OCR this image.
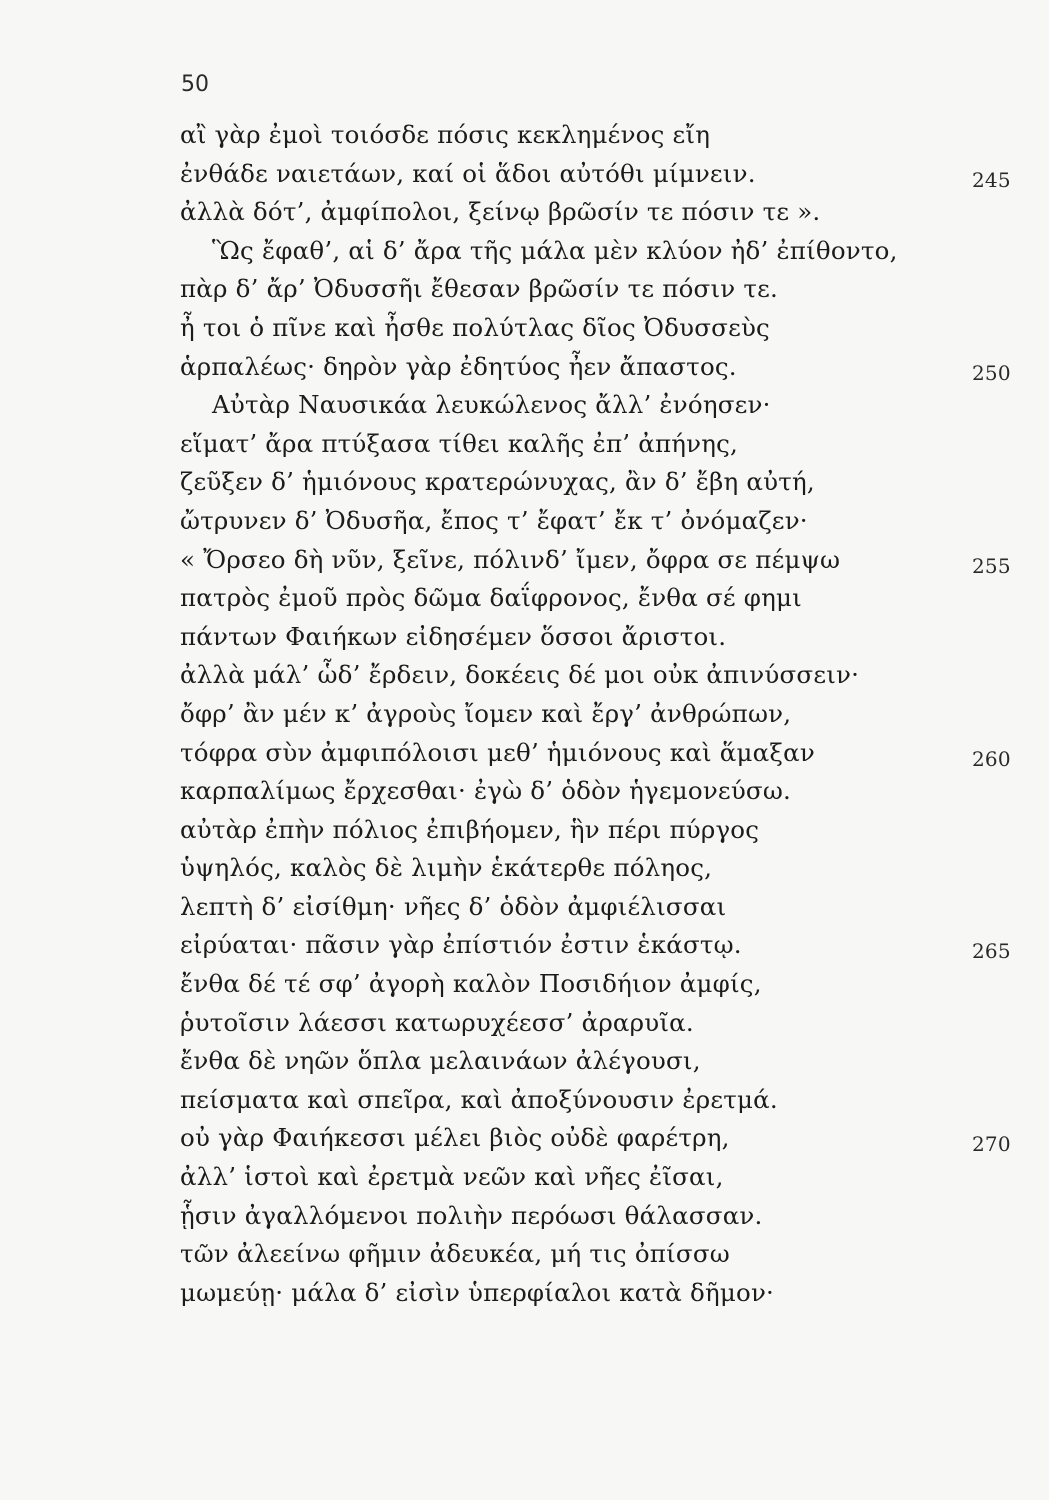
50
αἲ γὰρ ἐμοὶ τοιόσδε πόσις κεκλημένος εἴη
ἐνθάδε ναιετάων, καί οἱ ἅδοι αὐτόθι μίμνειν.	245
ἀλλὰ δότ’, ἀμφίπολοι, ξείνῳ βρῶσίν τε πόσιν τε ».
Ὣς ἔφαθ’, αἱ δ’ ἄρα τῆς μάλα μὲν κλύον ἠδ’ ἐπίθοντο,
πὰρ δ’ ἄρ’ Ὀδυσσῆι ἔθεσαν βρῶσίν τε πόσιν τε.
ἦ τοι ὁ πῖνε καὶ ἦσθε πολύτλας δῖος Ὀδυσσεὺς
ἁρπαλέως· δηρὸν γὰρ ἐδητύος ἦεν ἄπαστος.	250
Αὐτὰρ Ναυσικάα λευκώλενος ἄλλ’ ἐνόησεν·
εἵματ’ ἄρα πτύξασα τίθει καλῆς ἐπ’ ἀπήνης,
ζεῦξεν δ’ ἡμιόνους κρατερώνυχας, ἂν δ’ ἔβη αὐτή,
ὤτρυνεν δ’ Ὀδυσῆα, ἔπος τ’ ἔφατ’ ἔκ τ’ ὀνόμαζεν·
« Ὄρσεο δὴ νῦν, ξεῖνε, πόλινδ’ ἴμεν, ὄφρα σε πέμψω	255
πατρὸς ἐμοῦ πρὸς δῶμα δαΐφρονος, ἔνθα σέ φημι
πάντων Φαιήκων εἰδησέμεν ὅσσοι ἄριστοι.
ἀλλὰ μάλ’ ὧδ’ ἔρδειν, δοκέεις δέ μοι οὐκ ἀπινύσσειν·
ὄφρ’ ἂν μέν κ’ ἀγροὺς ἴομεν καὶ ἔργ’ ἀνθρώπων,
τόφρα σὺν ἀμφιπόλοισι μεθ’ ἡμιόνους καὶ ἅμαξαν	260
καρπαλίμως ἔρχεσθαι· ἐγὼ δ’ ὁδὸν ἡγεμονεύσω.
αὐτὰρ ἐπὴν πόλιος ἐπιβήομεν, ἣν πέρι πύργος
ὑψηλός, καλὸς δὲ λιμὴν ἑκάτερθε πόληος,
λεπτὴ δ’ εἰσίθμη· νῆες δ’ ὁδὸν ἀμφιέλισσαι
εἰρύαται· πᾶσιν γὰρ ἐπίστιόν ἐστιν ἑκάστῳ.	265
ἔνθα δέ τέ σφ’ ἀγορὴ καλὸν Ποσιδήιον ἀμφίς,
ῥυτοῖσιν λάεσσι κατωρυχέεσσ’ ἀραρυῖα.
ἔνθα δὲ νηῶν ὅπλα μελαινάων ἀλέγουσι,
πείσματα καὶ σπεῖρα, καὶ ἀποξύνουσιν ἐρετμά.
οὐ γὰρ Φαιήκεσσι μέλει βιὸς οὐδὲ φαρέτρη,	270
ἀλλ’ ἱστοὶ καὶ ἐρετμὰ νεῶν καὶ νῆες ἐῖσαι,
ᾗσιν ἀγαλλόμενοι πολιὴν περόωσι θάλασσαν.
τῶν ἀλεείνω φῆμιν ἀδευκέα, μή τις ὀπίσσω
μωμεύῃ· μάλα δ’ εἰσὶν ὑπερφίαλοι κατὰ δῆμον·
